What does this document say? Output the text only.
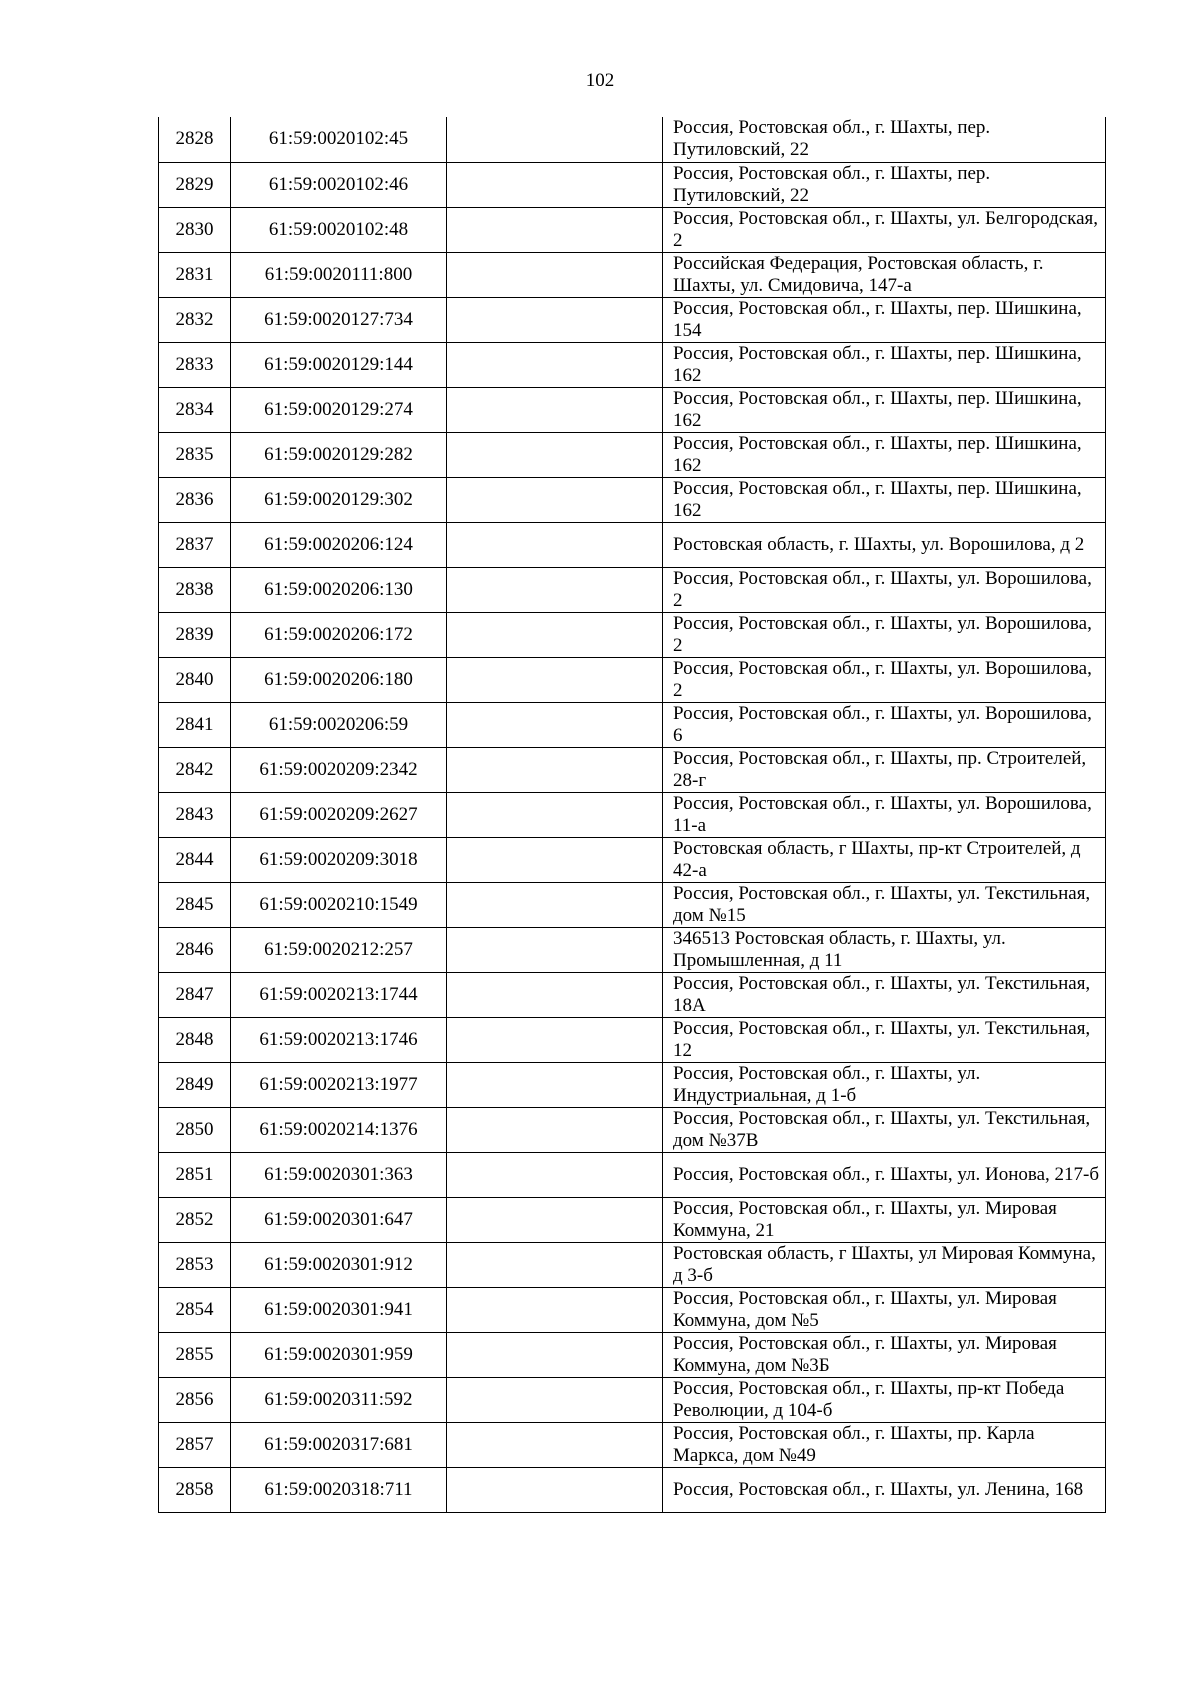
102
2828	61:59:0020102:45		Россия, Ростовская обл., г. Шахты, пер. Путиловский, 22
2829	61:59:0020102:46		Россия, Ростовская обл., г. Шахты, пер. Путиловский, 22
2830	61:59:0020102:48		Россия, Ростовская обл., г. Шахты, ул. Белгородская, 2
2831	61:59:0020111:800		Российская Федерация, Ростовская область, г. Шахты, ул. Смидовича, 147-а
2832	61:59:0020127:734		Россия, Ростовская обл., г. Шахты, пер. Шишкина, 154
2833	61:59:0020129:144		Россия, Ростовская обл., г. Шахты, пер. Шишкина, 162
2834	61:59:0020129:274		Россия, Ростовская обл., г. Шахты, пер. Шишкина, 162
2835	61:59:0020129:282		Россия, Ростовская обл., г. Шахты, пер. Шишкина, 162
2836	61:59:0020129:302		Россия, Ростовская обл., г. Шахты, пер. Шишкина, 162
2837	61:59:0020206:124		Ростовская область, г. Шахты, ул. Ворошилова, д 2
2838	61:59:0020206:130		Россия, Ростовская обл., г. Шахты, ул. Ворошилова, 2
2839	61:59:0020206:172		Россия, Ростовская обл., г. Шахты, ул. Ворошилова, 2
2840	61:59:0020206:180		Россия, Ростовская обл., г. Шахты, ул. Ворошилова, 2
2841	61:59:0020206:59		Россия, Ростовская обл., г. Шахты, ул. Ворошилова, 6
2842	61:59:0020209:2342		Россия, Ростовская обл., г. Шахты, пр. Строителей, 28-г
2843	61:59:0020209:2627		Россия, Ростовская обл., г. Шахты, ул. Ворошилова, 11-а
2844	61:59:0020209:3018		Ростовская область, г Шахты, пр-кт Строителей, д 42-а
2845	61:59:0020210:1549		Россия, Ростовская обл., г. Шахты, ул. Текстильная, дом №15
2846	61:59:0020212:257		346513 Ростовская область, г. Шахты, ул. Промышленная, д 11
2847	61:59:0020213:1744		Россия, Ростовская обл., г. Шахты, ул. Текстильная, 18А
2848	61:59:0020213:1746		Россия, Ростовская обл., г. Шахты, ул. Текстильная, 12
2849	61:59:0020213:1977		Россия, Ростовская обл., г. Шахты, ул. Индустриальная, д 1-б
2850	61:59:0020214:1376		Россия, Ростовская обл., г. Шахты, ул. Текстильная, дом №37В
2851	61:59:0020301:363		Россия, Ростовская обл., г. Шахты, ул. Ионова, 217-б
2852	61:59:0020301:647		Россия, Ростовская обл., г. Шахты, ул. Мировая Коммуна, 21
2853	61:59:0020301:912		Ростовская область, г Шахты, ул Мировая Коммуна, д 3-б
2854	61:59:0020301:941		Россия, Ростовская обл., г. Шахты, ул. Мировая Коммуна, дом №5
2855	61:59:0020301:959		Россия, Ростовская обл., г. Шахты, ул. Мировая Коммуна, дом №3Б
2856	61:59:0020311:592		Россия, Ростовская обл., г. Шахты, пр-кт Победа Революции, д 104-б
2857	61:59:0020317:681		Россия, Ростовская обл., г. Шахты, пр. Карла Маркса, дом №49
2858	61:59:0020318:711		Россия, Ростовская обл., г. Шахты, ул. Ленина, 168
